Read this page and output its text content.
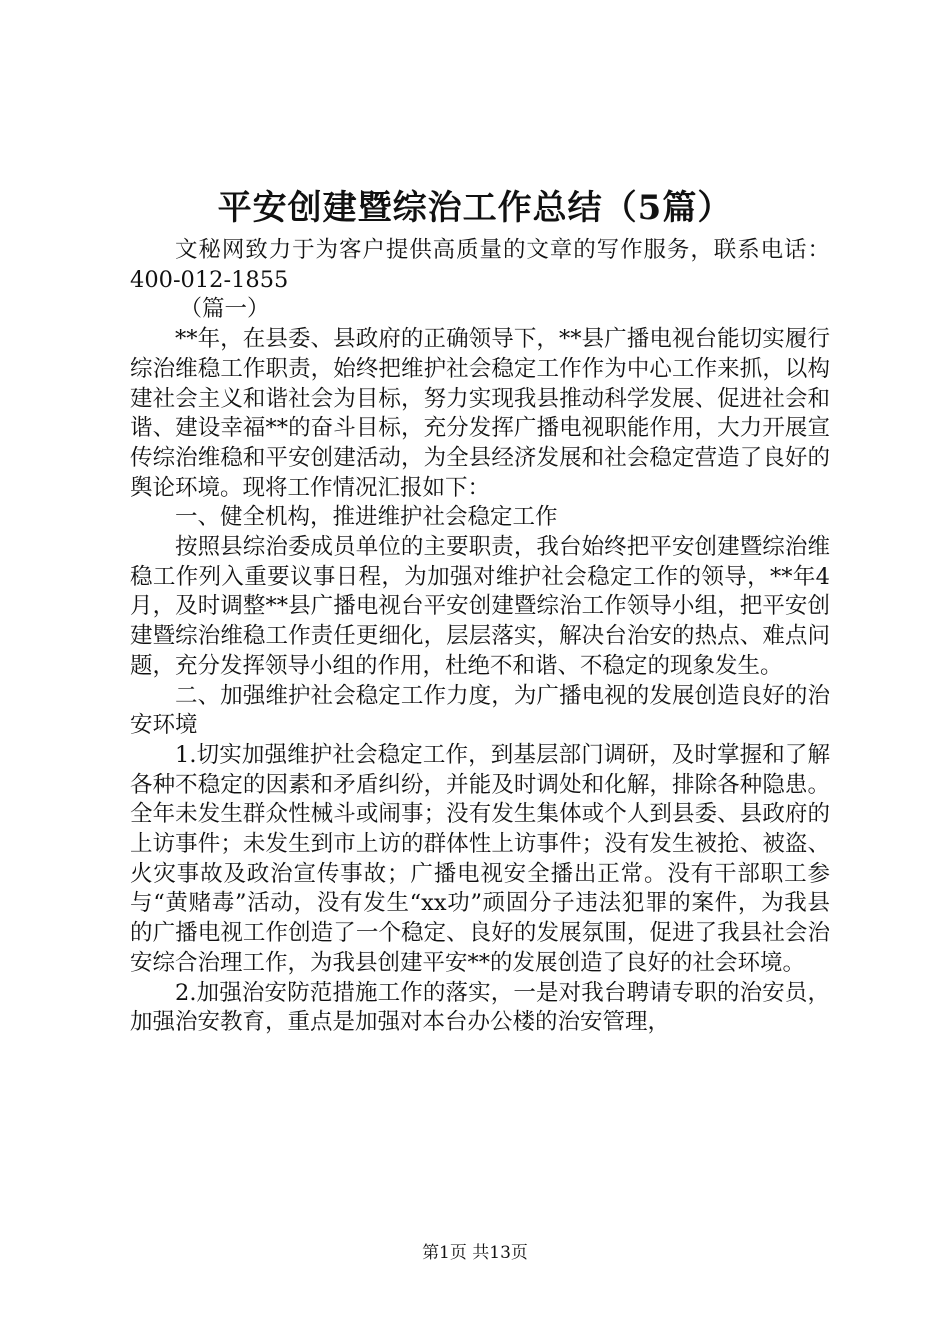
平安创建暨综治工作总结（5篇）

文秘网致力于为客户提供高质量的文章的写作服务，联系电话：400-012-1855

（篇一）

**年，在县委、县政府的正确领导下，**县广播电视台能切实履行综治维稳工作职责，始终把维护社会稳定工作作为中心工作来抓，以构建社会主义和谐社会为目标，努力实现我县推动科学发展、促进社会和谐、建设幸福**的奋斗目标，充分发挥广播电视职能作用，大力开展宣传综治维稳和平安创建活动，为全县经济发展和社会稳定营造了良好的舆论环境。现将工作情况汇报如下：

一、健全机构，推进维护社会稳定工作

按照县综治委成员单位的主要职责，我台始终把平安创建暨综治维稳工作列入重要议事日程，为加强对维护社会稳定工作的领导，**年4月，及时调整**县广播电视台平安创建暨综治工作领导小组，把平安创建暨综治维稳工作责任更细化，层层落实，解决台治安的热点、难点问题，充分发挥领导小组的作用，杜绝不和谐、不稳定的现象发生。

二、加强维护社会稳定工作力度，为广播电视的发展创造良好的治安环境

1.切实加强维护社会稳定工作，到基层部门调研，及时掌握和了解各种不稳定的因素和矛盾纠纷，并能及时调处和化解，排除各种隐患。全年未发生群众性械斗或闹事；没有发生集体或个人到县委、县政府的上访事件；未发生到市上访的群体性上访事件；没有发生被抢、被盗、火灾事故及政治宣传事故；广播电视安全播出正常。没有干部职工参与“黄赌毒”活动，没有发生“xx功”顽固分子违法犯罪的案件，为我县的广播电视工作创造了一个稳定、良好的发展氛围，促进了我县社会治安综合治理工作，为我县创建平安**的发展创造了良好的社会环境。

2.加强治安防范措施工作的落实，一是对我台聘请专职的治安员，加强治安教育，重点是加强对本台办公楼的治安管理，

第1页 共13页
